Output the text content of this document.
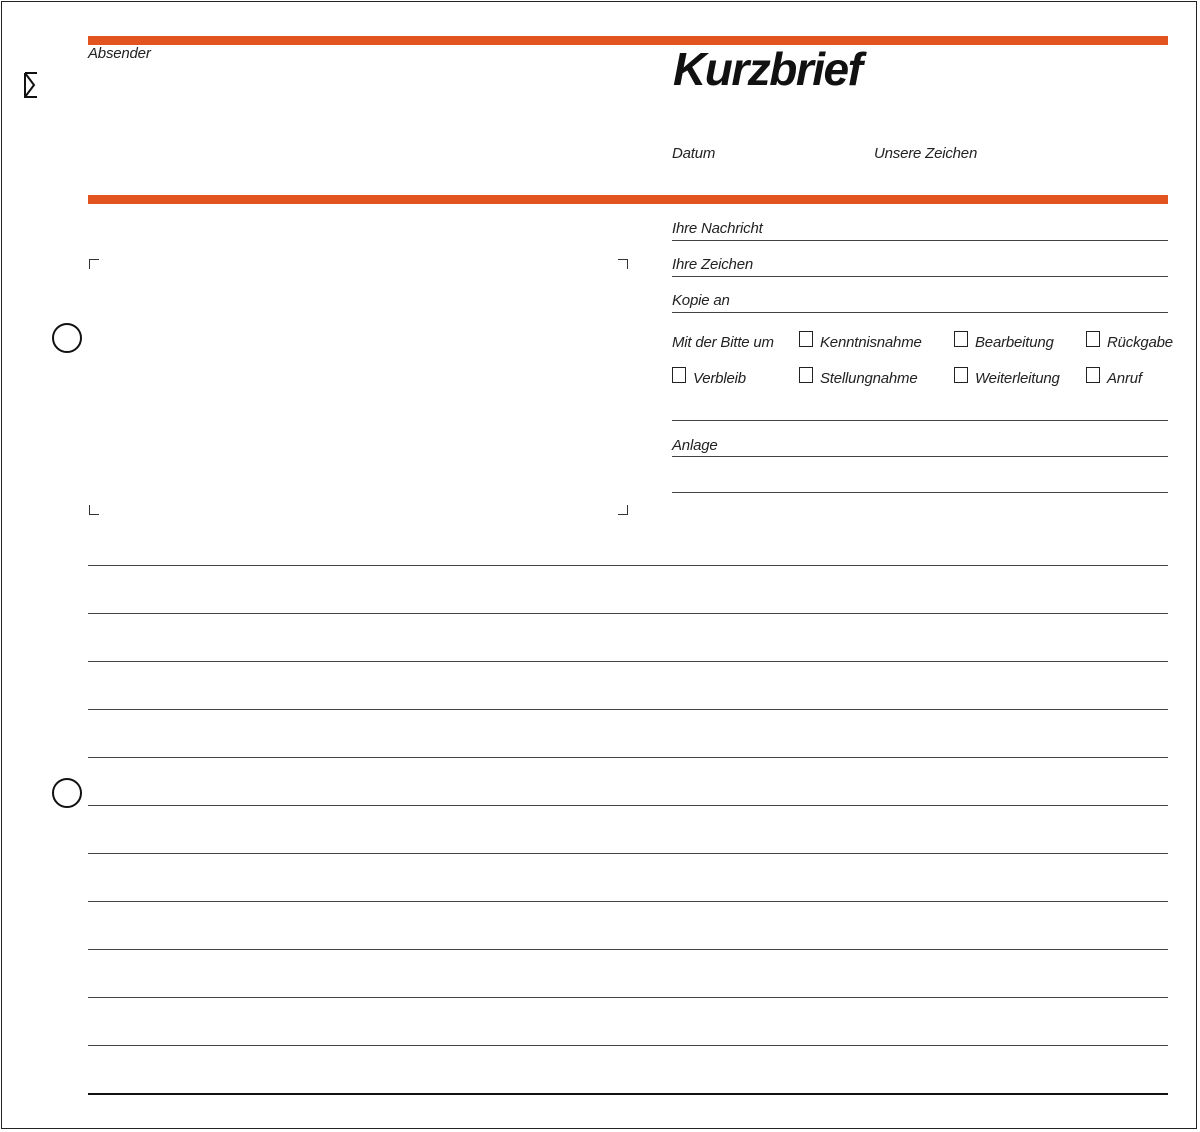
Absender	Kurzbrief
Datum	Unsere Zeichen
Ihre Nachricht
Ihre Zeichen
Kopie an
Mit der Bitte um	Kenntnisnahme	Bearbeitung	Rückgabe
Verbleib	Stellungnahme	Weiterleitung	Anruf
Anlage
